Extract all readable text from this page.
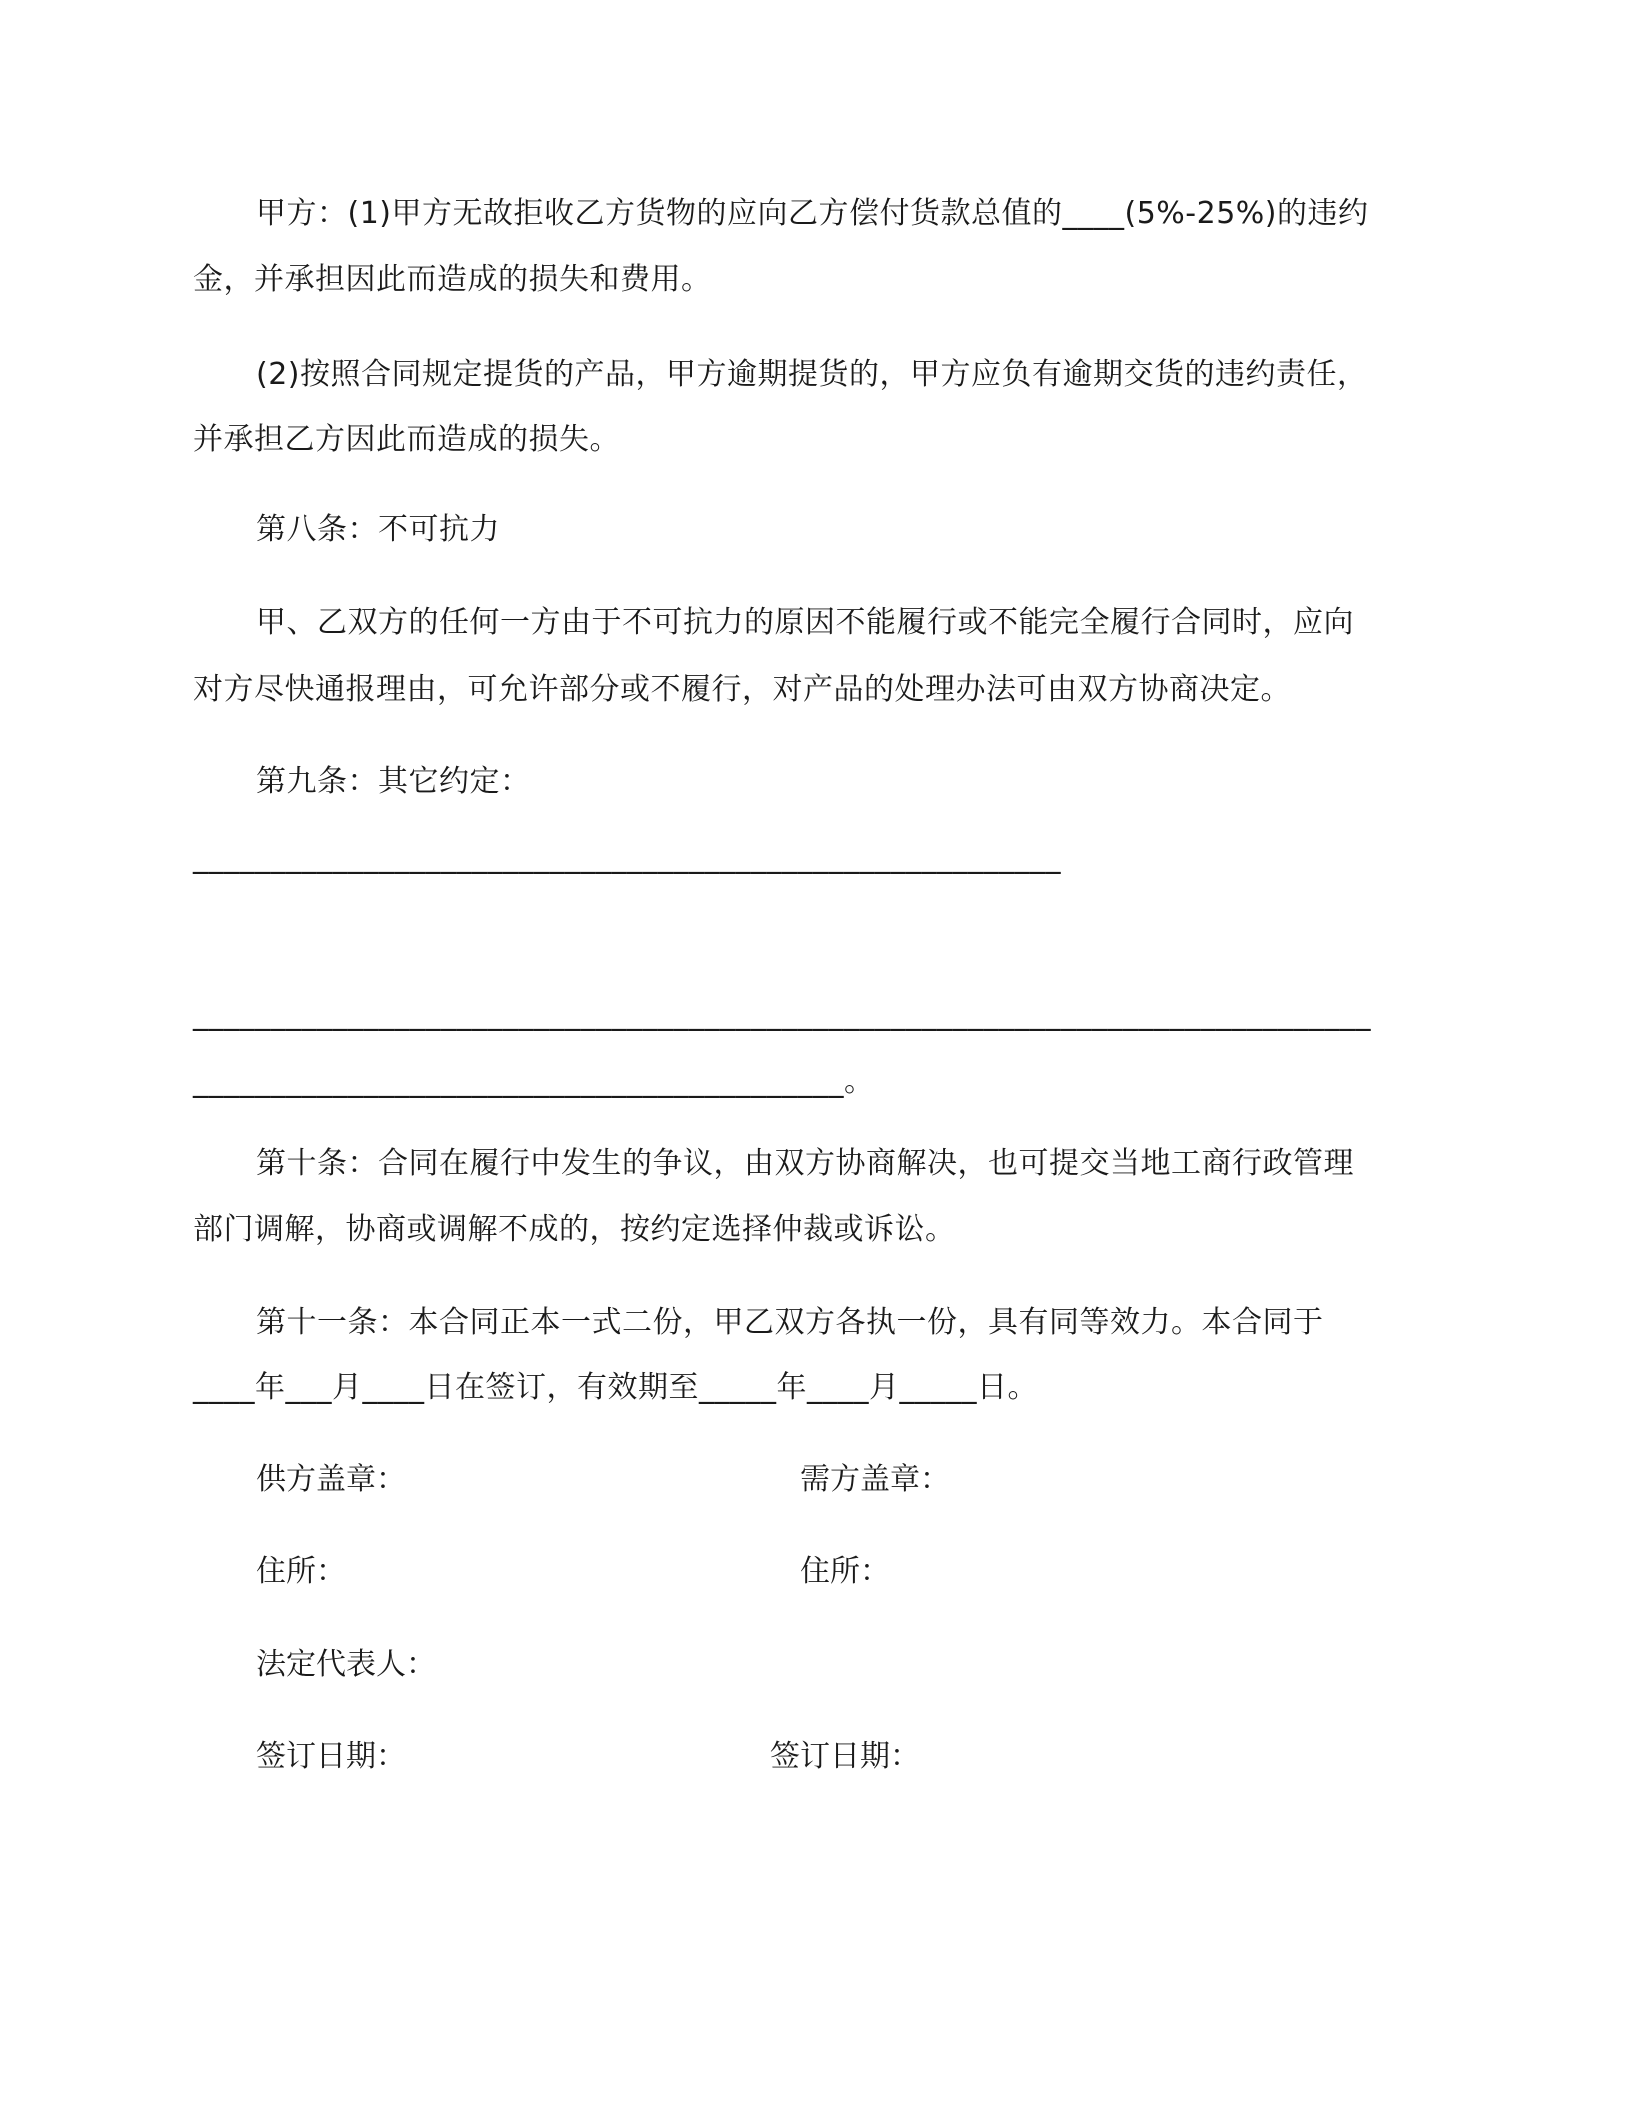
甲方：(1)甲方无故拒收乙方货物的应向乙方偿付货款总值的____(5%-25%)的违约
金，并承担因此而造成的损失和费用。
(2)按照合同规定提货的产品，甲方逾期提货的，甲方应负有逾期交货的违约责任，
并承担乙方因此而造成的损失。
第八条：不可抗力
甲、乙双方的任何一方由于不可抗力的原因不能履行或不能完全履行合同时，应向
对方尽快通报理由，可允许部分或不履行，对产品的处理办法可由双方协商决定。
第九条：其它约定：
________________________________________________________
____________________________________________________________________________
__________________________________________。
第十条：合同在履行中发生的争议，由双方协商解决，也可提交当地工商行政管理
部门调解，协商或调解不成的，按约定选择仲裁或诉讼。
第十一条：本合同正本一式二份，甲乙双方各执一份，具有同等效力。本合同于
____年___月____日在签订，有效期至_____年____月_____日。
供方盖章：	需方盖章：
住所：	住所：
法定代表人：
签订日期：	签订日期：
